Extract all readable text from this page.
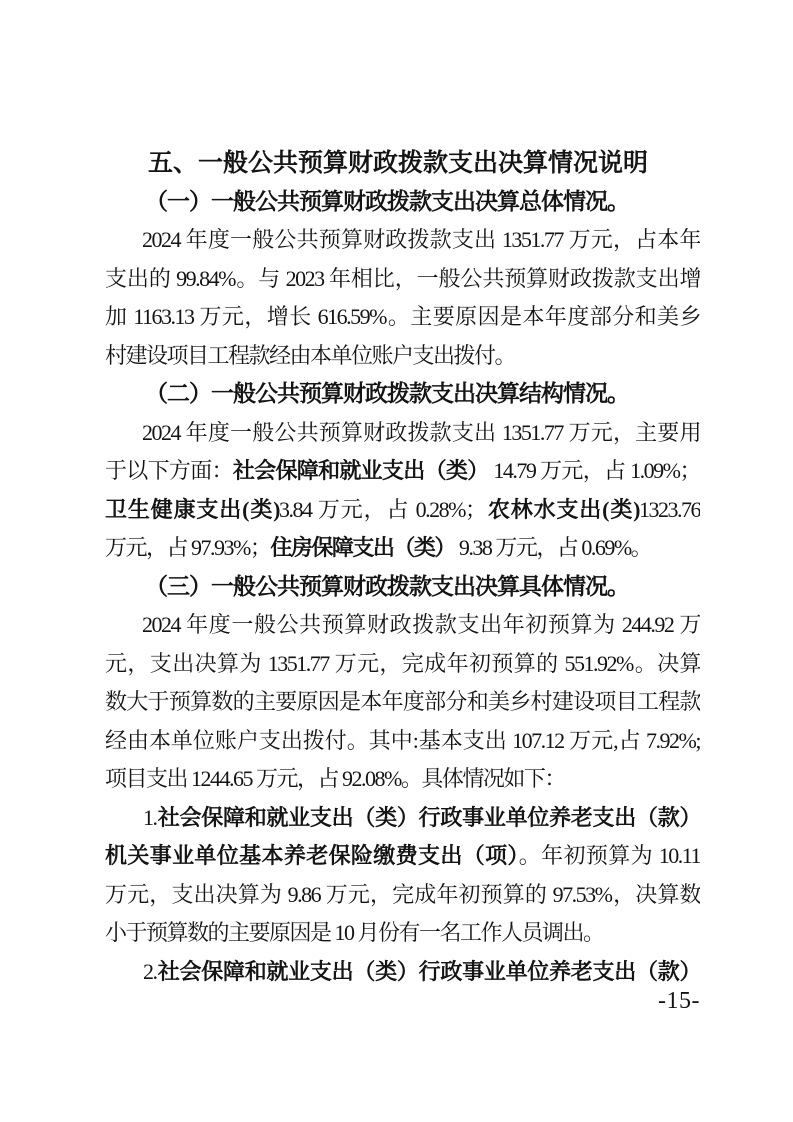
五、一般公共预算财政拨款支出决算情况说明
（一）一般公共预算财政拨款支出决算总体情况。
2024 年度一般公共预算财政拨款支出 1351.77 万元，占本年
支出的 99.84%。与 2023 年相比，一般公共预算财政拨款支出增
加 1163.13 万元，增长 616.59%。主要原因是本年度部分和美乡
村建设项目工程款经由本单位账户支出拨付。
（二）一般公共预算财政拨款支出决算结构情况。
2024 年度一般公共预算财政拨款支出 1351.77 万元，主要用
于以下方面：社会保障和就业支出（类） 14.79 万元，占 1.09%；
卫生健康支出(类)3.84 万元，占 0.28%；农林水支出(类)1323.76
万元，占 97.93%；住房保障支出（类） 9.38 万元，占 0.69%。
（三）一般公共预算财政拨款支出决算具体情况。
2024 年度一般公共预算财政拨款支出年初预算为 244.92 万
元，支出决算为 1351.77 万元，完成年初预算的 551.92%。决算
数大于预算数的主要原因是本年度部分和美乡村建设项目工程款
经由本单位账户支出拨付。其中:基本支出 107.12 万元,占 7.92%;
项目支出 1244.65 万元，占 92.08%。具体情况如下：
1.社会保障和就业支出（类）行政事业单位养老支出（款）
机关事业单位基本养老保险缴费支出（项）。年初预算为 10.11
万元，支出决算为 9.86 万元，完成年初预算的 97.53%，决算数
小于预算数的主要原因是 10 月份有一名工作人员调出。
2.社会保障和就业支出（类）行政事业单位养老支出（款）
-15-
